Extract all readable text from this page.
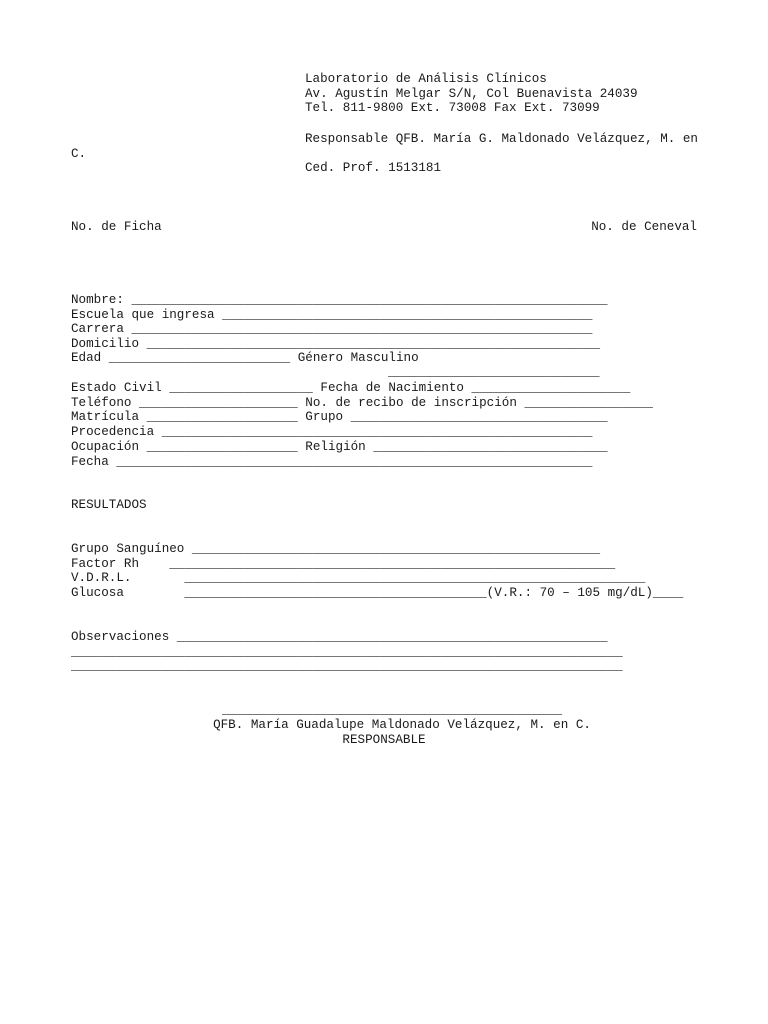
Laboratorio de Análisis Clínicos
Av. Agustín Melgar S/N, Col Buenavista 24039
Tel. 811-9800 Ext. 73008 Fax Ext. 73099
Responsable QFB. María G. Maldonado Velázquez, M. en
C.
Ced. Prof. 1513181
No. de Ficha	No. de Ceneval
Nombre: _______________________________________________________________
Escuela que ingresa _________________________________________________
Carrera _____________________________________________________________
Domicilio ____________________________________________________________
Edad ________________________ Género Masculino
____________________________
Estado Civil ___________________ Fecha de Nacimiento _____________________
Teléfono _____________________ No. de recibo de inscripción _________________
Matrícula ____________________ Grupo __________________________________
Procedencia _________________________________________________________
Ocupación ____________________ Religión _______________________________
Fecha _______________________________________________________________
RESULTADOS
Grupo Sanguíneo ______________________________________________________
Factor Rh    ___________________________________________________________
V.D.R.L.       _____________________________________________________________
Glucosa        ________________________________________(V.R.: 70 – 105 mg/dL)____
Observaciones _________________________________________________________
_________________________________________________________________________
_________________________________________________________________________
_____________________________________________
QFB. María Guadalupe Maldonado Velázquez, M. en C.
RESPONSABLE
